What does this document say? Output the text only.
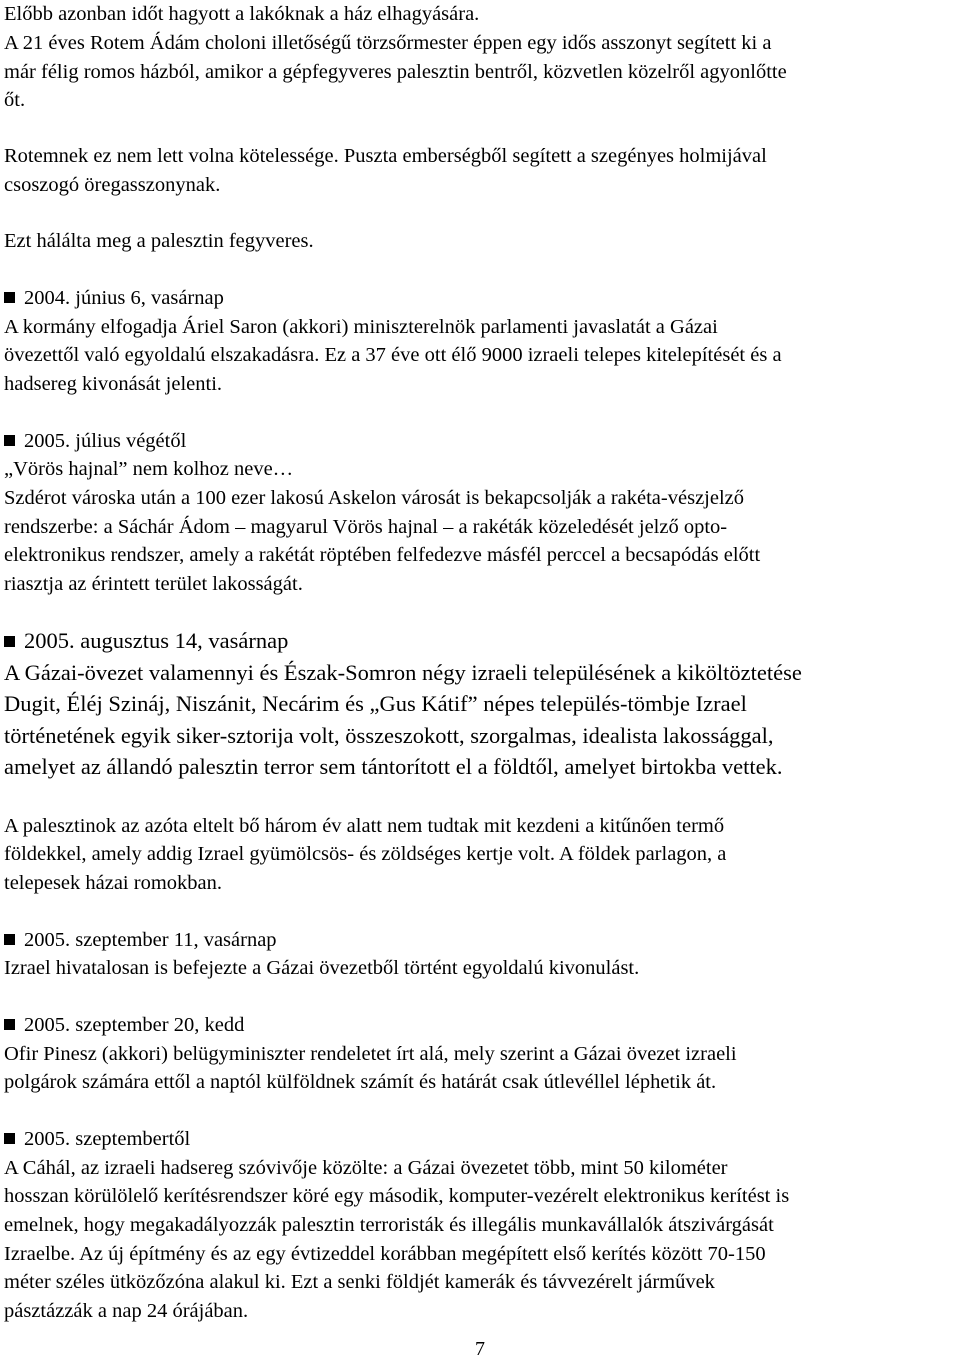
Előbb azonban időt hagyott a lakóknak a ház elhagyására.
A 21 éves Rotem Ádám choloni illetőségű törzsőrmester éppen egy idős asszonyt segített ki a
már félig romos házból, amikor a gépfegyveres palesztin bentről, közvetlen közelről agyonlőtte
őt.
Rotemnek ez nem lett volna kötelessége. Puszta emberségből segített a szegényes holmijával
csoszogó öregasszonynak.
Ezt hálálta meg a palesztin fegyveres.
2004. június 6, vasárnap
A kormány elfogadja Áriel Saron (akkori) miniszterelnök parlamenti javaslatát a Gázai
övezettől való egyoldalú elszakadásra. Ez a 37 éve ott élő 9000 izraeli telepes kitelepítését és a
hadsereg kivonását jelenti.
2005. július végétől
„Vörös hajnal” nem kolhoz neve…
Szdérot városka után a 100 ezer lakosú Askelon városát is bekapcsolják a rakéta-vészjelző
rendszerbe: a Sáchár Ádom – magyarul Vörös hajnal – a rakéták közeledését jelző opto-
elektronikus rendszer, amely a rakétát röptében felfedezve másfél perccel a becsapódás előtt
riasztja az érintett terület lakosságát.
2005. augusztus 14, vasárnap
A Gázai-övezet valamennyi és Észak-Somron négy izraeli településének a kiköltöztetése
Dugit, Éléj Szináj, Niszánit, Necárim és „Gus Kátif” népes település-tömbje Izrael
történetének egyik siker-sztorija volt, összeszokott, szorgalmas, idealista lakossággal,
amelyet az állandó palesztin terror sem tántorított el a földtől, amelyet birtokba vettek.
A palesztinok az azóta eltelt bő három év alatt nem tudtak mit kezdeni a kitűnően termő
földekkel, amely addig Izrael gyümölcsös- és zöldséges kertje volt. A földek parlagon, a
telepesek házai romokban.
2005. szeptember 11, vasárnap
Izrael hivatalosan is befejezte a Gázai övezetből történt egyoldalú kivonulást.
2005. szeptember 20, kedd
Ofir Pinesz (akkori) belügyminiszter rendeletet írt alá, mely szerint a Gázai övezet izraeli
polgárok számára ettől a naptól külföldnek számít és határát csak útlevéllel léphetik át.
2005. szeptembertől
A Cáhál, az izraeli hadsereg szóvivője közölte: a Gázai övezetet több, mint 50 kilométer
hosszan körülölelő kerítésrendszer köré egy második, komputer-vezérelt elektronikus kerítést is
emelnek, hogy megakadályozzák palesztin terroristák és illegális munkavállalók átszivárgását
Izraelbe. Az új építmény és az egy évtizeddel korábban megépített első kerítés között 70-150
méter széles ütközőzóna alakul ki. Ezt a senki földjét kamerák és távvezérelt járművek
pásztázzák a nap 24 órájában.
7
